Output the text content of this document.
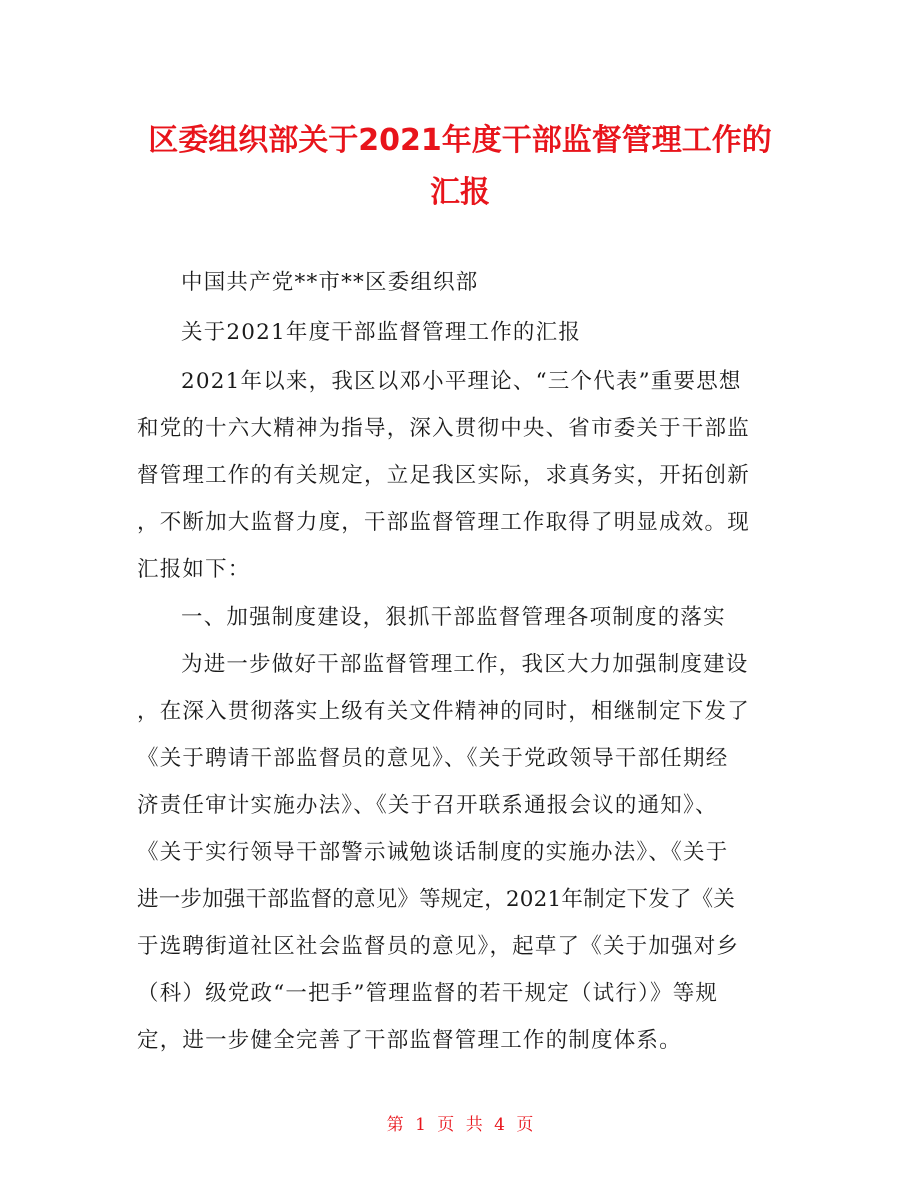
区委组织部关于2021年度干部监督管理工作的
汇报

中国共产党**市**区委组织部

关于2021年度干部监督管理工作的汇报

2021年以来，我区以邓小平理论、“三个代表”重要思想

和党的十六大精神为指导，深入贯彻中央、省市委关于干部监

督管理工作的有关规定，立足我区实际，求真务实，开拓创新

，不断加大监督力度，干部监督管理工作取得了明显成效。现

汇报如下：

一、加强制度建设，狠抓干部监督管理各项制度的落实

为进一步做好干部监督管理工作，我区大力加强制度建设

，在深入贯彻落实上级有关文件精神的同时，相继制定下发了

《关于聘请干部监督员的意见》、《关于党政领导干部任期经

济责任审计实施办法》、《关于召开联系通报会议的通知》、

《关于实行领导干部警示诫勉谈话制度的实施办法》、《关于

进一步加强干部监督的意见》等规定，2021年制定下发了《关

于选聘街道社区社会监督员的意见》，起草了《关于加强对乡

（科）级党政“一把手”管理监督的若干规定（试行）》等规

定，进一步健全完善了干部监督管理工作的制度体系。

第 1 页 共 4 页
